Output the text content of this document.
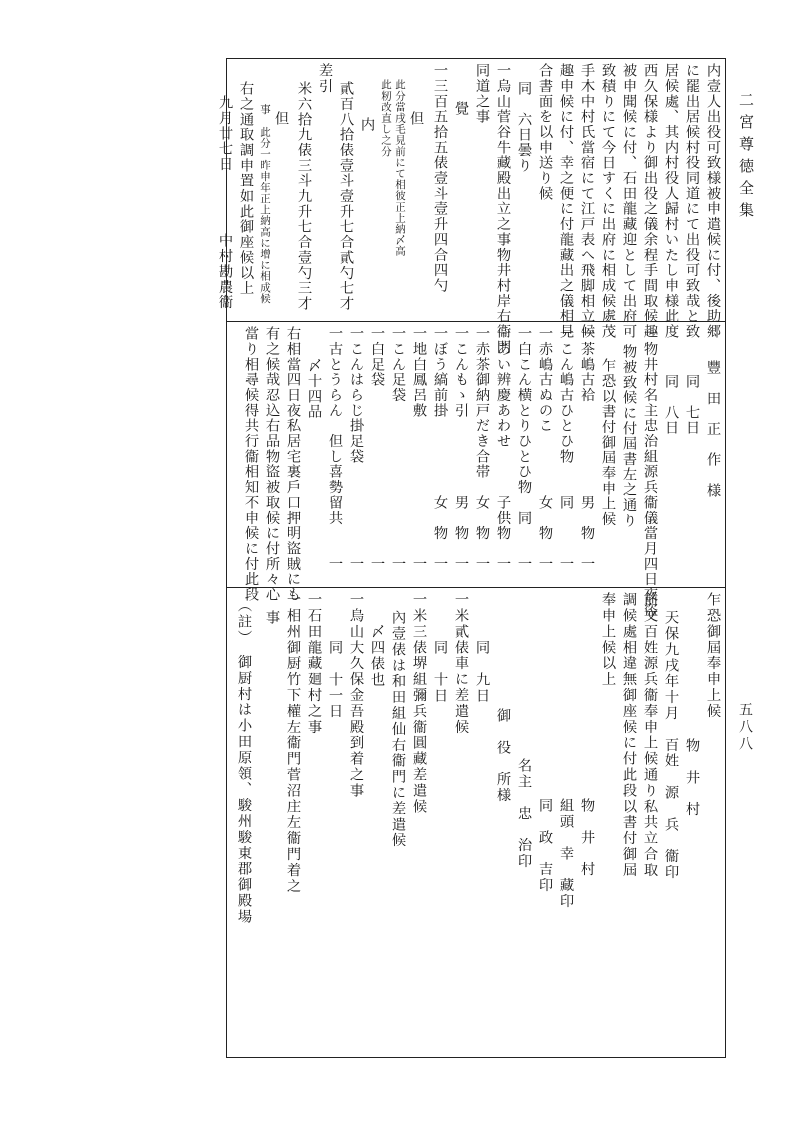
二宮尊徳全集
五八八
内壹人出役可致様被申遣候に付、後助郷
に罷出居候村役同道にて出役可致哉と致
居候處、其内村役人歸村いたし申様此度
西久保様より御出役之儀余程手間取候趣
被申聞候に付、石田龍藏迎として出府可
致積りにて今日すくに出府に相成候處茂
手木中村氏當宿にて江戸表へ飛脚相立候
趣申候に付、幸之便に付龍藏出之儀相見
合書面を以申送り候
同　六日曇り
一烏山菅谷牛藏殿出立之事物井村岸右衞門
同道之事
覺
一三百五拾五俵壹斗壹升四合四勺
但
此分當戌毛見前にて相彼正上納〆高
此籾改直し之分
内
貳百八拾俵壹斗壹升七合貳勺七才
差引
米六拾九俵三斗九升七合壹勺三才
但
事　此分一昨申年正上納高に增に相成候
右之通取調申置如此御座候以上
九月廿七日　　　　中村勘農衞
豐　田　正　作　様
同　七日
同　八日
一物井村名主忠治組源兵衞儀當月四日夜盜
物被致候に付屆書左之通り
乍恐以書付御屆奉申上候
一茶嶋古袷　　　　　　男　物　一
一こん嶋古ひとひ物　　同　　　一
一赤嶋古ぬのこ　　　　女　物　一
一白こん横とりひとひ物　同　　一
一あい辨慶あわせ　　　子供物　一
一赤茶御納戸だき合帯　女　物　一
一こんもゝ引　　　　　男　物　一
一ぼう縞前掛　　　　　女　物　一
一地白鳳呂敷　　　　　　　　　一
一こん足袋　　　　　　　　　　一
一白足袋　　　　　　　　　　　一
一こんはらじ掛足袋　　　　　　一
一古とうらん　但し喜勢留共　　一
〆十四品
右相當四日夜私居宅裏戶口押明盜賊にも
有之候哉忍込右品物盜被取候に付所々心
當り相尋候得共行衞相知不申候に付此段
乍恐御屆奉申上候
物　井　村
天保九戌年十月　百姓　源　兵　衞印
前文百姓源兵衞奉申上候通り私共立合取
調候處相違無御座候に付此段以書付御屆
奉申上候以上
物　井　村
組頭　幸　藏印
同　政　吉印
名主　忠　治印
御　役　所様
同　九日
一米貳俵車に差遣候
同　十日
一米三俵堺組彌兵衞圓藏差遣候
內壹俵は和田組仙右衞門に差遣候
〆四俵也
一烏山大久保金吾殿到着之事
同　十一日
一石田龍藏廻村之事
一相州御厨竹下權左衞門菅沼庄左衞門着之
事
（註）　御厨村は小田原領、駿州駿東郡御殿場
